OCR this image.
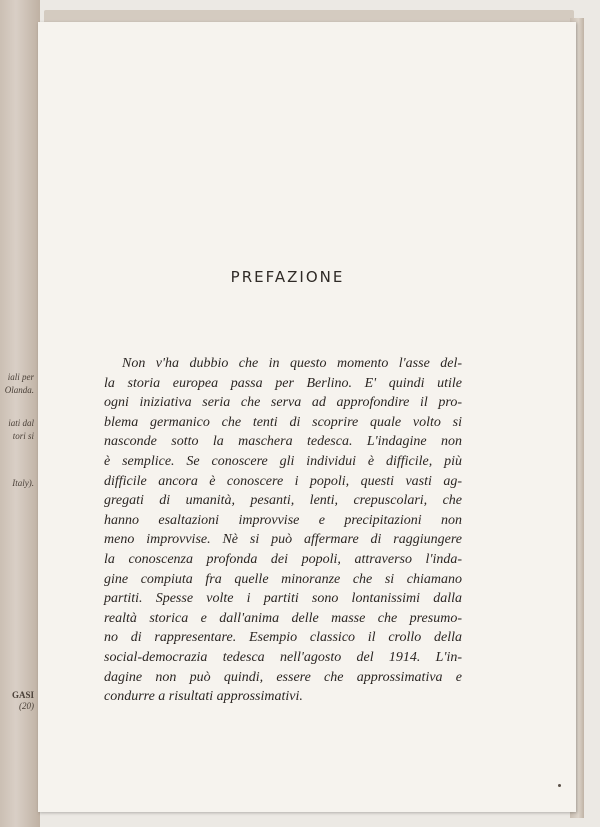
iali per
Olanda.
iati dal
tori si
Italy).
GASI
(20)
PREFAZIONE
Non v'ha dubbio che in questo momento l'asse del-
la storia europea passa per Berlino. E' quindi utile
ogni iniziativa seria che serva ad approfondire il pro-
blema germanico che tenti di scoprire quale volto si
nasconde sotto la maschera tedesca. L'indagine non
è semplice. Se conoscere gli individui è difficile, più
difficile ancora è conoscere i popoli, questi vasti ag-
gregati di umanità, pesanti, lenti, crepuscolari, che
hanno esaltazioni improvvise e precipitazioni non
meno improvvise. Nè si può affermare di raggiungere
la conoscenza profonda dei popoli, attraverso l'inda-
gine compiuta fra quelle minoranze che si chiamano
partiti. Spesse volte i partiti sono lontanissimi dalla
realtà storica e dall'anima delle masse che presumo-
no di rappresentare. Esempio classico il crollo della
social-democrazia tedesca nell'agosto del 1914. L'in-
dagine non può quindi, essere che approssimativa e
condurre a risultati approssimativi.
